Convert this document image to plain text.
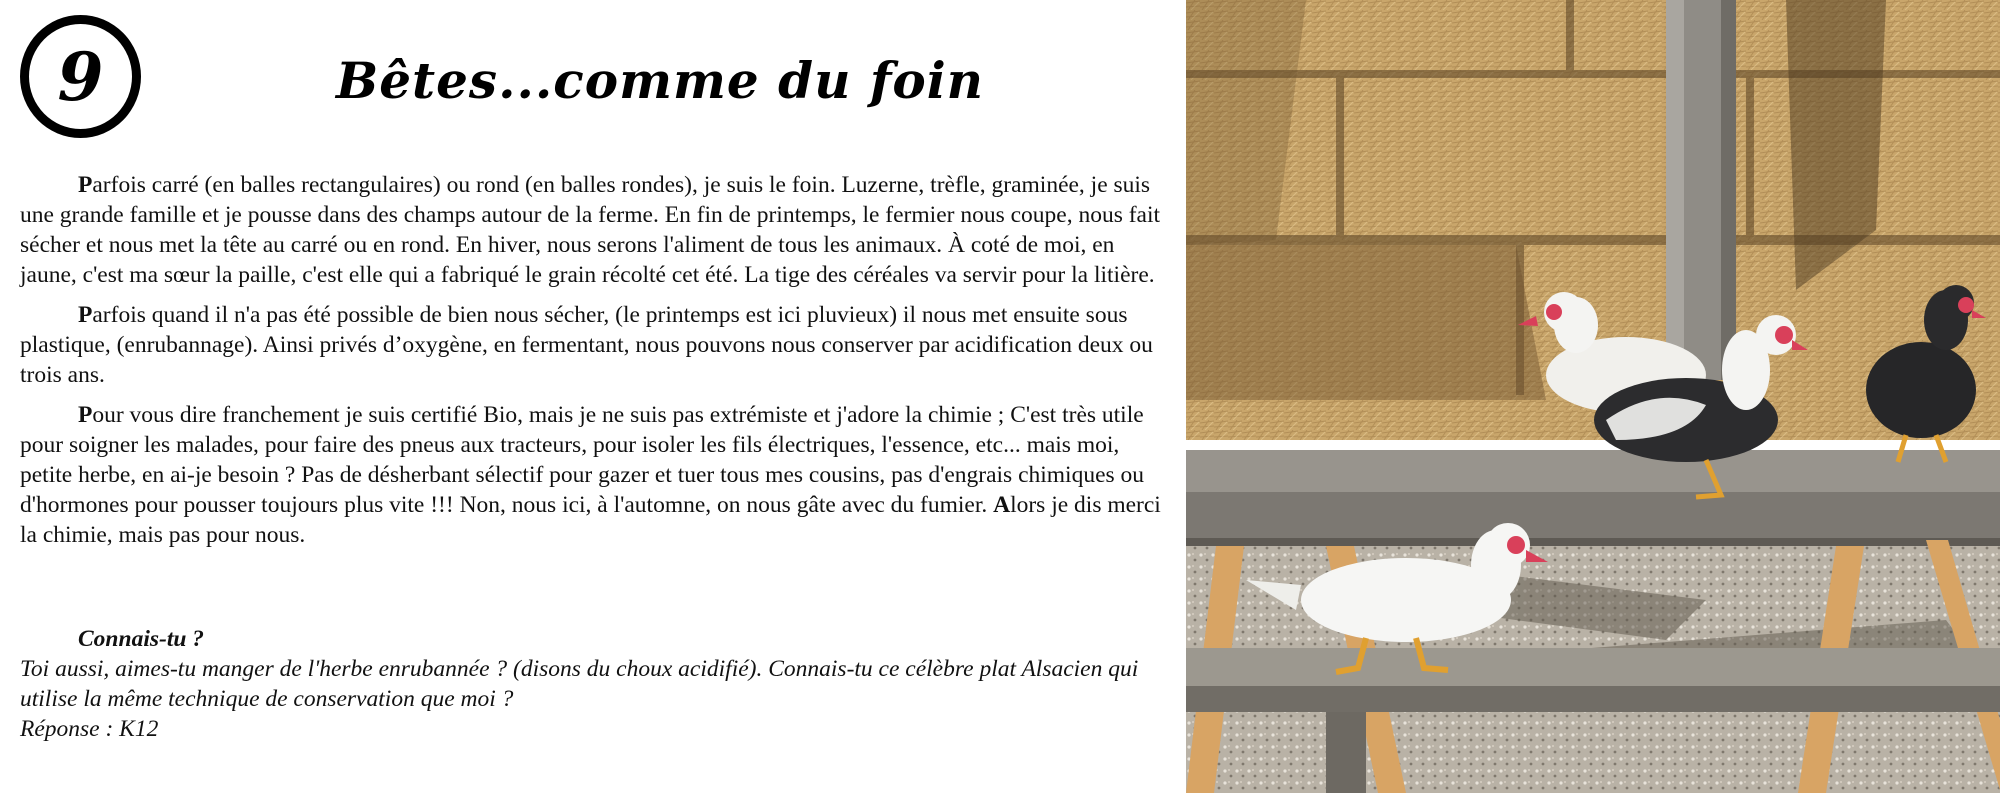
9	Bêtes...comme du foin

Parfois carré (en balles rectangulaires) ou rond (en balles rondes), je suis le foin. Luzerne, trèfle, graminée, je suis une grande famille et je pousse dans des champs autour de la ferme. En fin de printemps, le fermier nous coupe, nous fait sécher et nous met la tête au carré ou en rond. En hiver, nous serons l'aliment de tous les animaux. À coté de moi, en jaune, c'est ma sœur la paille, c'est elle qui a fabriqué le grain récolté cet été. La tige des céréales va servir pour la litière.

Parfois quand il n'a pas été possible de bien nous sécher, (le printemps est ici pluvieux) il nous met ensuite sous plastique, (enrubannage). Ainsi privés d’oxygène, en fermentant, nous pouvons nous conserver par acidification deux ou trois ans.

Pour vous dire franchement je suis certifié Bio, mais je ne suis pas extrémiste et j'adore la chimie ; C'est très utile pour soigner les malades, pour faire des pneus aux tracteurs, pour isoler les fils électriques, l'essence, etc... mais moi, petite herbe, en ai-je besoin ? Pas de désherbant sélectif pour gazer et tuer tous mes cousins, pas d'engrais chimiques ou d'hormones pour pousser toujours plus vite !!! Non, nous ici, à l'automne, on nous gâte avec du fumier. Alors je dis merci la chimie, mais pas pour nous.

Connais-tu ?
Toi aussi, aimes-tu manger de l'herbe enrubannée ? (disons du choux acidifié). Connais-tu ce célèbre plat Alsacien qui utilise la même technique de conservation que moi ?
Réponse : K12
